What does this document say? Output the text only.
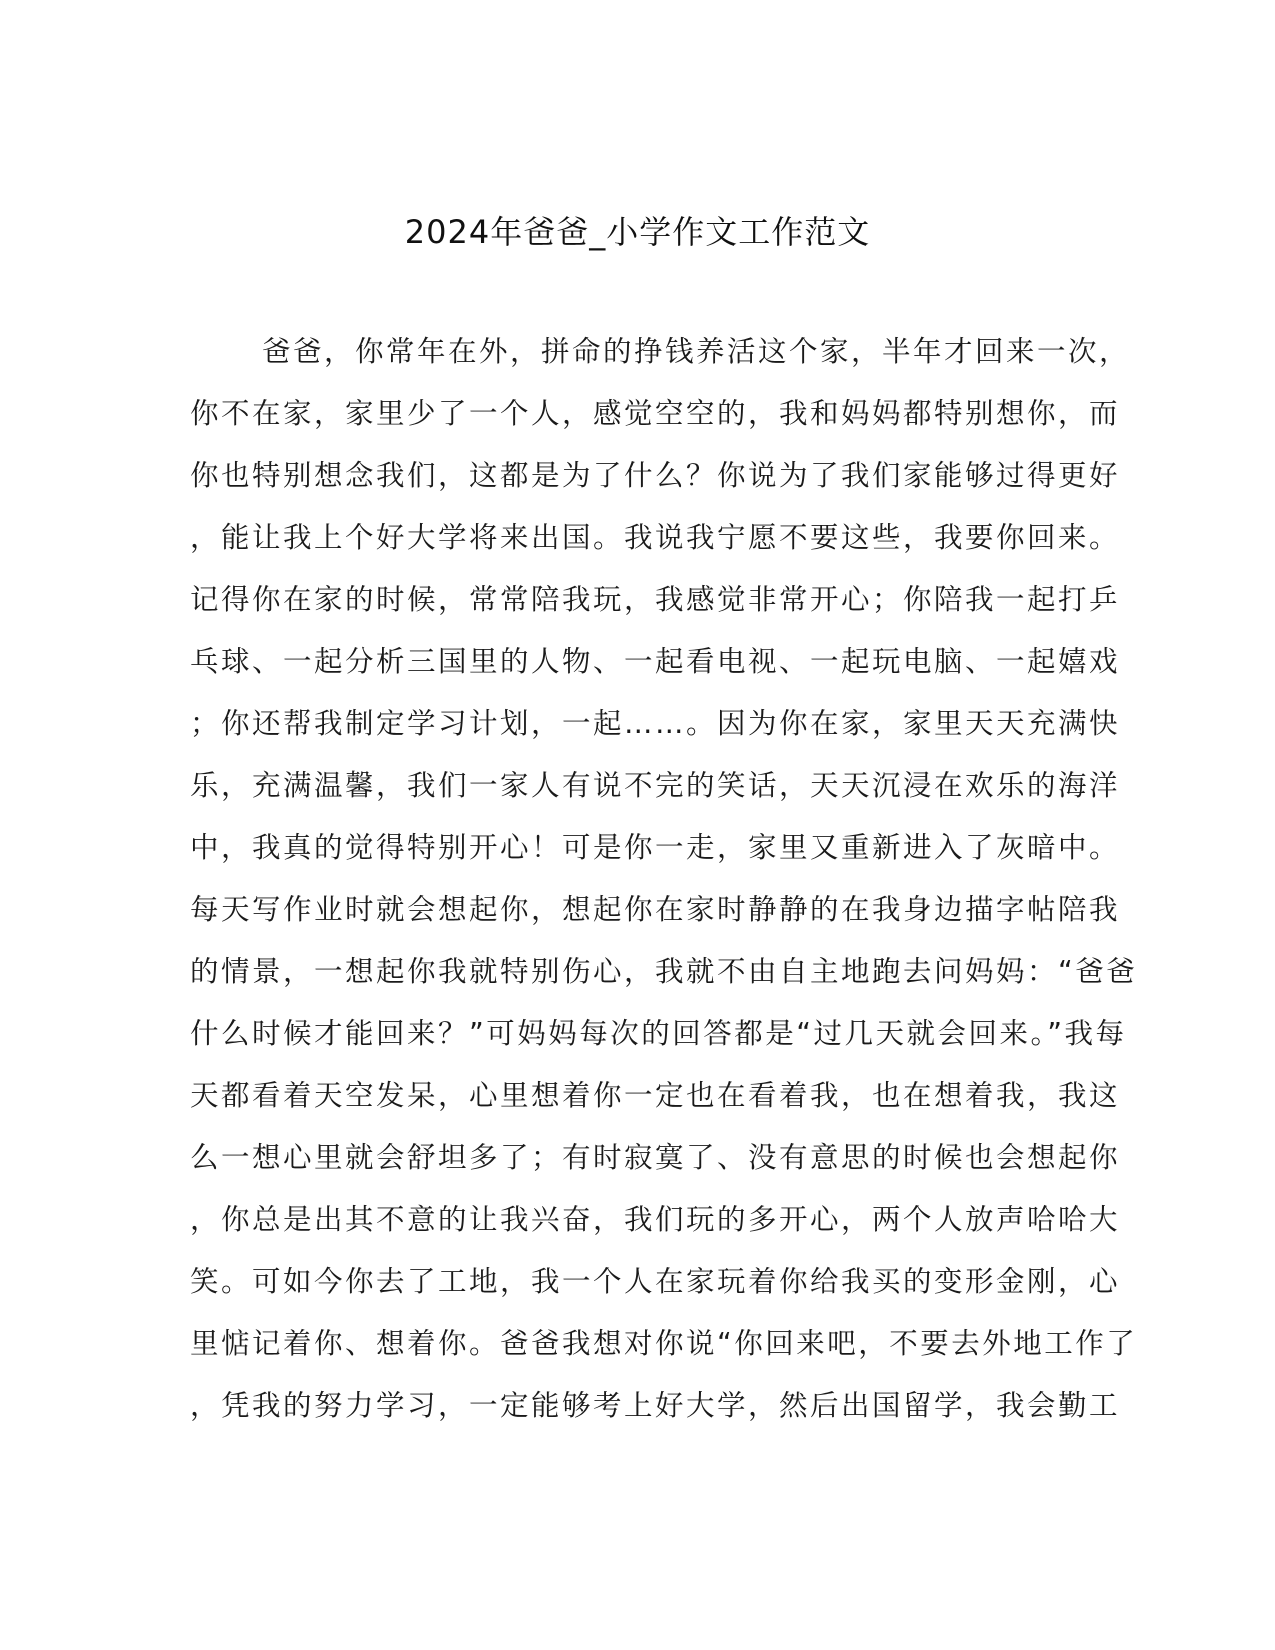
2024年爸爸_小学作文工作范文
爸爸，你常年在外，拼命的挣钱养活这个家，半年才回来一次，
你不在家，家里少了一个人，感觉空空的，我和妈妈都特别想你，而
你也特别想念我们，这都是为了什么？你说为了我们家能够过得更好
，能让我上个好大学将来出国。我说我宁愿不要这些，我要你回来。
记得你在家的时候，常常陪我玩，我感觉非常开心；你陪我一起打乒
乓球、一起分析三国里的人物、一起看电视、一起玩电脑、一起嬉戏
；你还帮我制定学习计划，一起……。因为你在家，家里天天充满快
乐，充满温馨，我们一家人有说不完的笑话，天天沉浸在欢乐的海洋
中，我真的觉得特别开心！可是你一走，家里又重新进入了灰暗中。
每天写作业时就会想起你，想起你在家时静静的在我身边描字帖陪我
的情景，一想起你我就特别伤心，我就不由自主地跑去问妈妈：“爸爸
什么时候才能回来？”可妈妈每次的回答都是“过几天就会回来。”我每
天都看着天空发呆，心里想着你一定也在看着我，也在想着我，我这
么一想心里就会舒坦多了；有时寂寞了、没有意思的时候也会想起你
，你总是出其不意的让我兴奋，我们玩的多开心，两个人放声哈哈大
笑。可如今你去了工地，我一个人在家玩着你给我买的变形金刚，心
里惦记着你、想着你。爸爸我想对你说“你回来吧，不要去外地工作了
，凭我的努力学习，一定能够考上好大学，然后出国留学，我会勤工
